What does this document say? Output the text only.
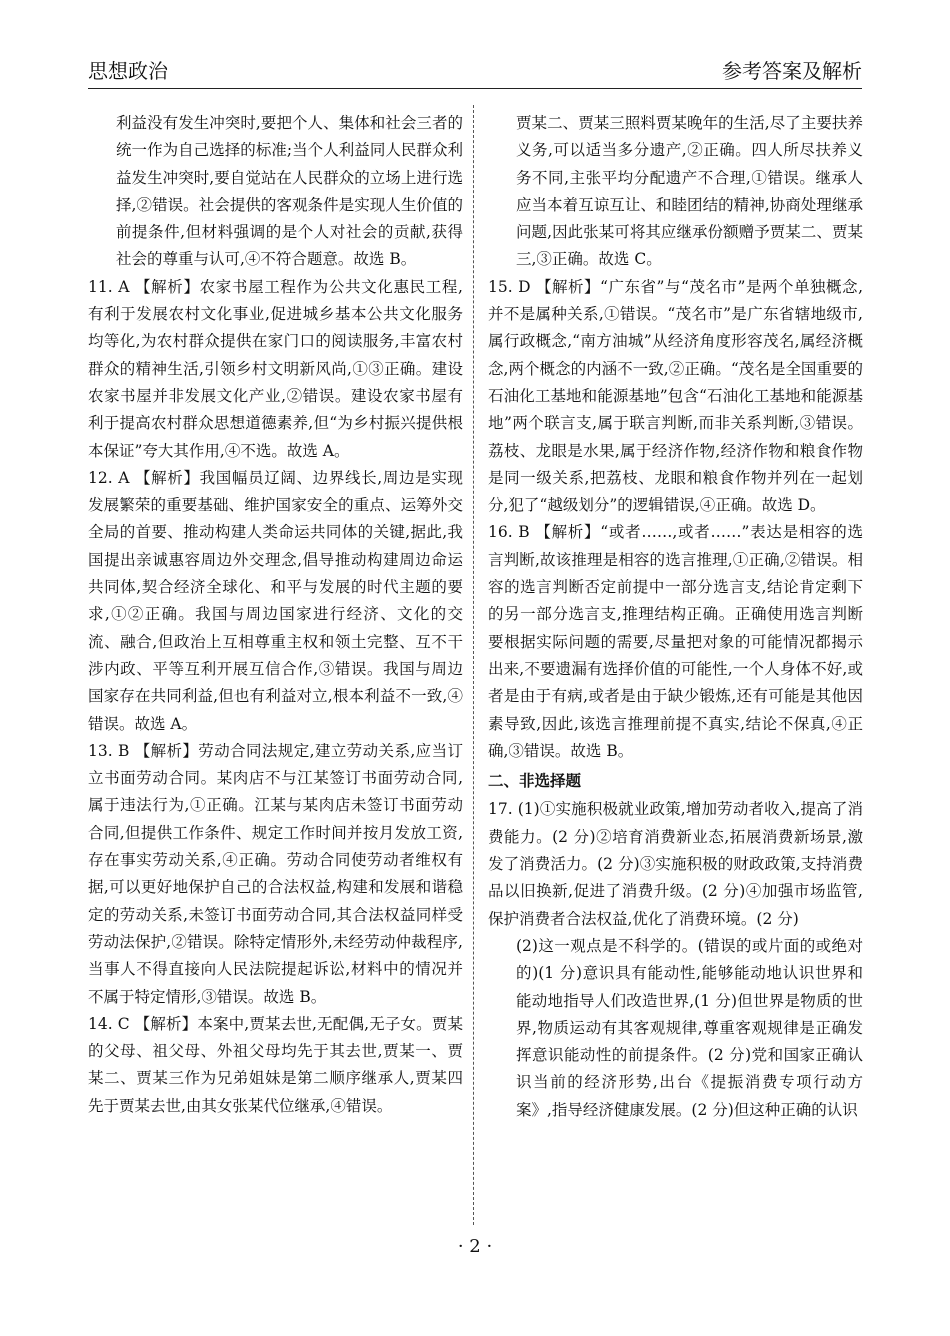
思想政治	参考答案及解析
利益没有发生冲突时,要把个人、集体和社会三者的统一作为自己选择的标准;当个人利益同人民群众利益发生冲突时,要自觉站在人民群众的立场上进行选择,②错误。社会提供的客观条件是实现人生价值的前提条件,但材料强调的是个人对社会的贡献,获得社会的尊重与认可,④不符合题意。故选 B。
11. A 【解析】农家书屋工程作为公共文化惠民工程,有利于发展农村文化事业,促进城乡基本公共文化服务均等化,为农村群众提供在家门口的阅读服务,丰富农村群众的精神生活,引领乡村文明新风尚,①③正确。建设农家书屋并非发展文化产业,②错误。建设农家书屋有利于提高农村群众思想道德素养,但“为乡村振兴提供根本保证”夸大其作用,④不选。故选 A。
12. A 【解析】我国幅员辽阔、边界线长,周边是实现发展繁荣的重要基础、维护国家安全的重点、运筹外交全局的首要、推动构建人类命运共同体的关键,据此,我国提出亲诚惠容周边外交理念,倡导推动构建周边命运共同体,契合经济全球化、和平与发展的时代主题的要求,①②正确。我国与周边国家进行经济、文化的交流、融合,但政治上互相尊重主权和领土完整、互不干涉内政、平等互利开展互信合作,③错误。我国与周边国家存在共同利益,但也有利益对立,根本利益不一致,④错误。故选 A。
13. B 【解析】劳动合同法规定,建立劳动关系,应当订立书面劳动合同。某肉店不与江某签订书面劳动合同,属于违法行为,①正确。江某与某肉店未签订书面劳动合同,但提供工作条件、规定工作时间并按月发放工资,存在事实劳动关系,④正确。劳动合同使劳动者维权有据,可以更好地保护自己的合法权益,构建和发展和谐稳定的劳动关系,未签订书面劳动合同,其合法权益同样受劳动法保护,②错误。除特定情形外,未经劳动仲裁程序,当事人不得直接向人民法院提起诉讼,材料中的情况并不属于特定情形,③错误。故选 B。
14. C 【解析】本案中,贾某去世,无配偶,无子女。贾某的父母、祖父母、外祖父母均先于其去世,贾某一、贾某二、贾某三作为兄弟姐妹是第二顺序继承人,贾某四先于贾某去世,由其女张某代位继承,④错误。
贾某二、贾某三照料贾某晚年的生活,尽了主要扶养义务,可以适当多分遗产,②正确。四人所尽扶养义务不同,主张平均分配遗产不合理,①错误。继承人应当本着互谅互让、和睦团结的精神,协商处理继承问题,因此张某可将其应继承份额赠予贾某二、贾某三,③正确。故选 C。
15. D 【解析】“广东省”与“茂名市”是两个单独概念,并不是属种关系,①错误。“茂名市”是广东省辖地级市,属行政概念,“南方油城”从经济角度形容茂名,属经济概念,两个概念的内涵不一致,②正确。“茂名是全国重要的石油化工基地和能源基地”包含“石油化工基地和能源基地”两个联言支,属于联言判断,而非关系判断,③错误。荔枝、龙眼是水果,属于经济作物,经济作物和粮食作物是同一级关系,把荔枝、龙眼和粮食作物并列在一起划分,犯了“越级划分”的逻辑错误,④正确。故选 D。
16. B 【解析】“或者……,或者……”表达是相容的选言判断,故该推理是相容的选言推理,①正确,②错误。相容的选言判断否定前提中一部分选言支,结论肯定剩下的另一部分选言支,推理结构正确。正确使用选言判断要根据实际问题的需要,尽量把对象的可能情况都揭示出来,不要遗漏有选择价值的可能性,一个人身体不好,或者是由于有病,或者是由于缺少锻炼,还有可能是其他因素导致,因此,该选言推理前提不真实,结论不保真,④正确,③错误。故选 B。
二、非选择题
17. (1)①实施积极就业政策,增加劳动者收入,提高了消费能力。(2 分)②培育消费新业态,拓展消费新场景,激发了消费活力。(2 分)③实施积极的财政政策,支持消费品以旧换新,促进了消费升级。(2 分)④加强市场监管,保护消费者合法权益,优化了消费环境。(2 分)
(2)这一观点是不科学的。(错误的或片面的或绝对的)(1 分)意识具有能动性,能够能动地认识世界和能动地指导人们改造世界,(1 分)但世界是物质的世界,物质运动有其客观规律,尊重客观规律是正确发挥意识能动性的前提条件。(2 分)党和国家正确认识当前的经济形势,出台《提振消费专项行动方案》,指导经济健康发展。(2 分)但这种正确的认识
· 2 ·
